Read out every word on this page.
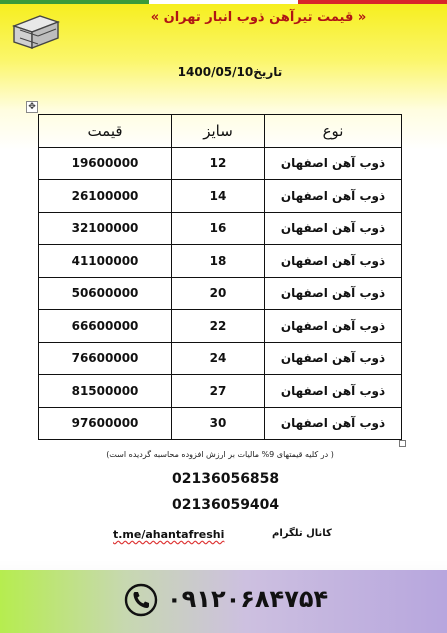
« قیمت تیرآهن ذوب انبار تهران »
تاریخ1400/05/10
✥
قیمت	سایز	نوع
19600000	12	ذوب آهن اصفهان
26100000	14	ذوب آهن اصفهان
32100000	16	ذوب آهن اصفهان
41100000	18	ذوب آهن اصفهان
50600000	20	ذوب آهن اصفهان
66600000	22	ذوب آهن اصفهان
76600000	24	ذوب آهن اصفهان
81500000	27	ذوب آهن اصفهان
97600000	30	ذوب آهن اصفهان
( در کلیه قیمتهای 9% مالیات بر ارزش افزوده محاسبه گردیده است)
02136056858
02136059404
t.me/ahantafreshi	کانال تلگرام
۰۹۱۲۰۶۸۴۷۵۴
